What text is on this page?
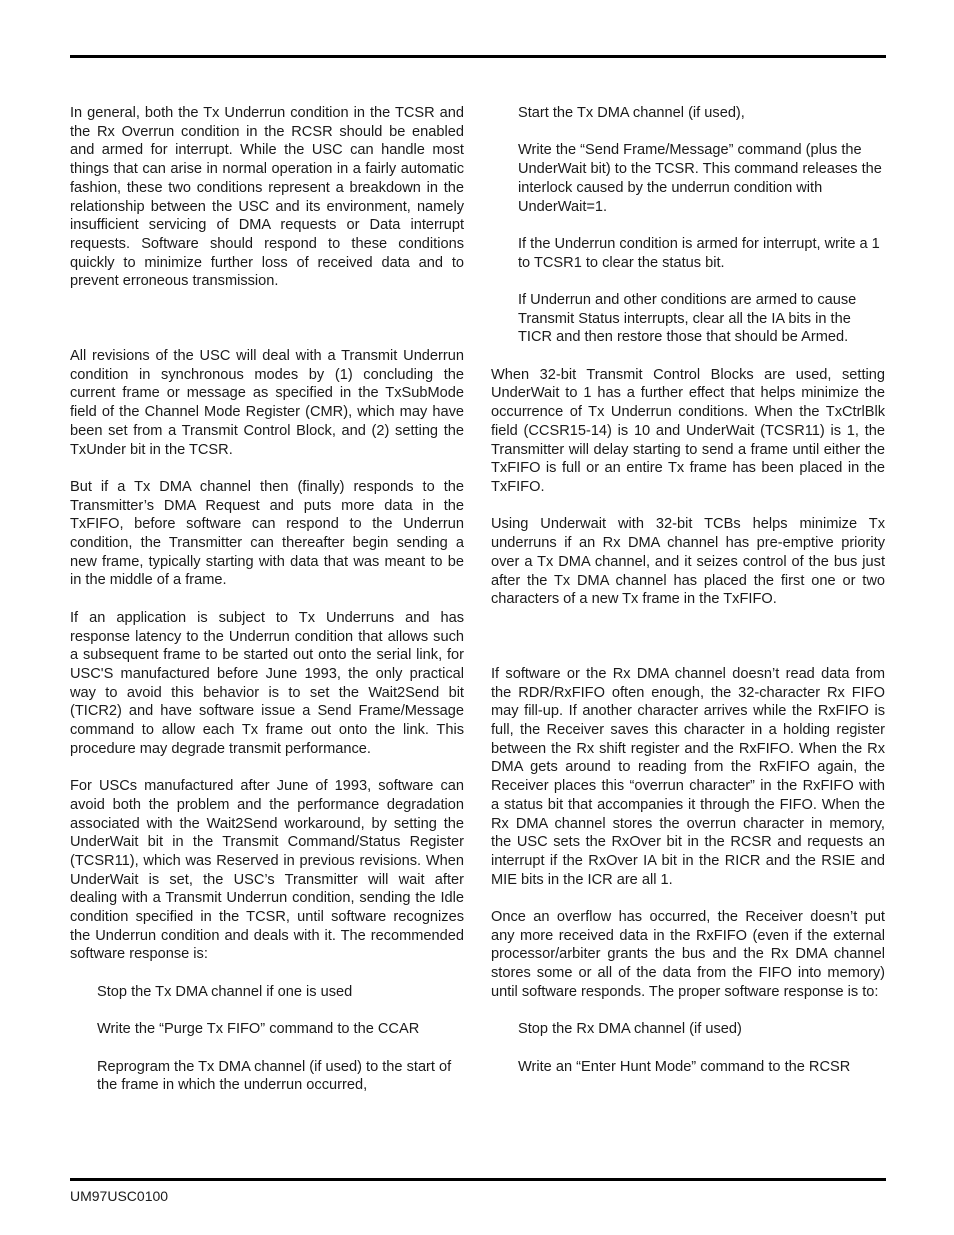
In general, both the Tx Underrun condition in the TCSR and the Rx Overrun condition in the RCSR should be enabled and armed for interrupt. While the USC can handle most things that can arise in normal operation in a fairly automatic fashion, these two conditions represent a breakdown in the relationship between the USC and its environment, namely insufficient servicing of DMA requests or Data interrupt requests. Software should respond to these conditions quickly to minimize further loss of received data and to prevent erroneous transmission.

All revisions of the USC will deal with a Transmit Underrun condition in synchronous modes by (1) concluding the current frame or message as specified in the TxSubMode field of the Channel Mode Register (CMR), which may have been set from a Transmit Control Block, and (2) setting the TxUnder bit in the TCSR.

But if a Tx DMA channel then (finally) responds to the Transmitter’s DMA Request and puts more data in the TxFIFO, before software can respond to the Underrun condition, the Transmitter can thereafter begin sending a new frame, typically starting with data that was meant to be in the middle of a frame.

If an application is subject to Tx Underruns and has response latency to the Underrun condition that allows such a subsequent frame to be started out onto the serial link, for USC'S manufactured before June 1993, the only practical way to avoid this behavior is to set the Wait2Send bit (TICR2) and have software issue a Send Frame/Message command to allow each Tx frame out onto the link. This procedure may degrade transmit performance.

For USCs manufactured after June of 1993, software can avoid both the problem and the performance degradation associated with the Wait2Send workaround, by setting the UnderWait bit in the Transmit Command/Status Register (TCSR11), which was Reserved in previous revisions. When UnderWait is set, the USC’s Transmitter will wait after dealing with a Transmit Underrun condition, sending the Idle condition specified in the TCSR, until software recognizes the Underrun condition and deals with it. The recommended software response is:

Stop the Tx DMA channel if one is used

Write the “Purge Tx FIFO” command to the CCAR

Reprogram the Tx DMA channel (if used) to the start of the frame in which the underrun occurred,

Start the Tx DMA channel (if used),

Write the “Send Frame/Message” command (plus the UnderWait bit) to the TCSR. This command releases the interlock caused by the underrun condition with UnderWait=1.

If the Underrun condition is armed for interrupt, write a 1 to TCSR1 to clear the status bit.

If Underrun and other conditions are armed to cause Transmit Status interrupts, clear all the IA bits in the TICR and then restore those that should be Armed.

When 32-bit Transmit Control Blocks are used, setting UnderWait to 1 has a further effect that helps minimize the occurrence of Tx Underrun conditions. When the TxCtrlBlk field (CCSR15-14) is 10 and UnderWait (TCSR11) is 1, the Transmitter will delay starting to send a frame until either the TxFIFO is full or an entire Tx frame has been placed in the TxFIFO.

Using Underwait with 32-bit TCBs helps minimize Tx underruns if an Rx DMA channel has pre-emptive priority over a Tx DMA channel, and it seizes control of the bus just after the Tx DMA channel has placed the first one or two characters of a new Tx frame in the TxFIFO.

If software or the Rx DMA channel doesn’t read data from the RDR/RxFIFO often enough, the 32-character Rx FIFO may fill-up. If another character arrives while the RxFIFO is full, the Receiver saves this character in a holding register between the Rx shift register and the RxFIFO. When the Rx DMA gets around to reading from the RxFIFO again, the Receiver places this “overrun character” in the RxFIFO with a status bit that accompanies it through the FIFO. When the Rx DMA channel stores the overrun character in memory, the USC sets the RxOver bit in the RCSR and requests an interrupt if the RxOver IA bit in the RICR and the RSIE and MIE bits in the ICR are all 1.

Once an overflow has occurred, the Receiver doesn’t put any more received data in the RxFIFO (even if the external processor/arbiter grants the bus and the Rx DMA channel stores some or all of the data from the FIFO into memory) until software responds. The proper software response is to:

Stop the Rx DMA channel (if used)

Write an “Enter Hunt Mode” command to the RCSR

UM97USC0100
